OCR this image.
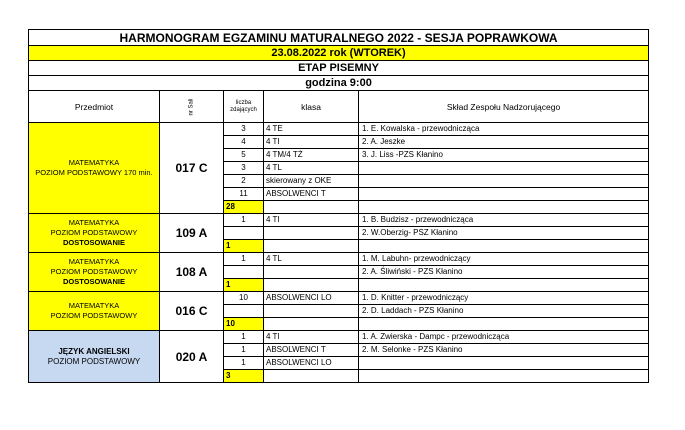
HARMONOGRAM EGZAMINU MATURALNEGO 2022 - SESJA POPRAWKOWA				
23.08.2022 rok (WTOREK)				
ETAP PISEMNY				
godzina 9:00				
Przedmiot	nr Sali	liczba zdających	klasa	Skład Zespołu Nadzorującego

MATEMATYKA
POZIOM PODSTAWOWY 170 min.	017 C	3	4 TE	1. E. Kowalska - przewodnicząca
		4	4 TI	2. A. Jeszke
		5	4 TM/4 TŻ	3. J. Liss -PZS Kłanino
		3	4 TL	
		2	skierowany z OKE	
		11	ABSOLWENCI T	
		28		

MATEMATYKA
POZIOM PODSTAWOWY
DOSTOSOWANIE	109 A	1	4 TI	1. B. Budzisz - przewodnicząca
				2. W.Oberzig- PSZ Kłanino
		1		

MATEMATYKA
POZIOM PODSTAWOWY
DOSTOSOWANIE	108 A	1	4 TL	1. M. Labuhn- przewodniczący
				2. A. Śliwiński - PZS Kłanino
		1		

MATEMATYKA
POZIOM PODSTAWOWY	016 C	10	ABSOLWENCI LO	1. D. Knitter - przewodniczący
				2. D. Laddach - PZS Kłanino
		10		

JĘZYK ANGIELSKI
POZIOM PODSTAWOWY	020 A	1	4 TI	1. A. Zwierska - Dampc - przewodnicząca
		1	ABSOLWENCI T	2. M. Selonke - PZS Kłanino
		1	ABSOLWENCI LO	
		3		
